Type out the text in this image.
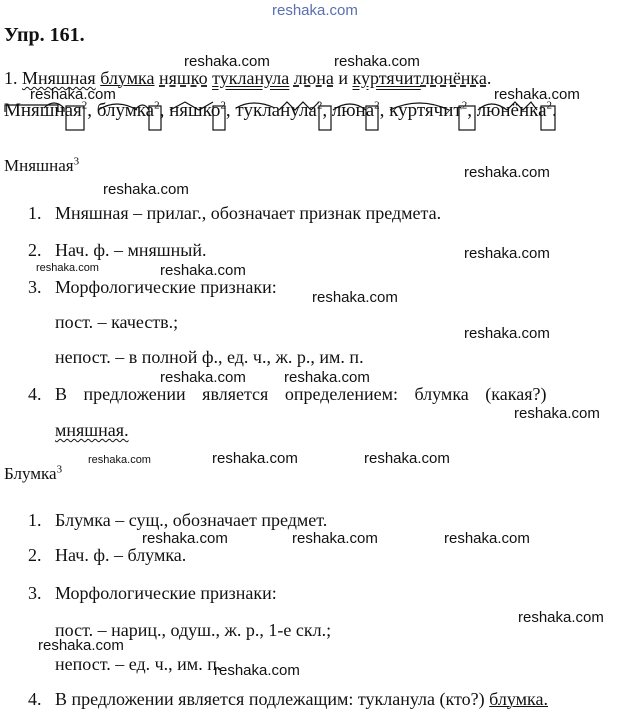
reshaka.com
Упр. 161.
1. Мняшная блумка няшко тукланула люна и куртячитлюнёнка.
Мняшная$^2$, блумка$^2$, няшко$^2$, тукланула$^2$, люна$^2$, куртячит$^2$, люнёнка$^2$.
Мняшная$^3$
1. Мняшная – прилаг., обозначает признак предмета.
2. Нач. ф. – мняшный.
3. Морфологические признаки:
пост. – качеств.;
непост. – в полной ф., ед. ч., ж. р., им. п.
4. В предложении является определением: блумка (какая?)
мняшная.
Блумка$^3$
1. Блумка – сущ., обозначает предмет.
2. Нач. ф. – блумка.
3. Морфологические признаки:
пост. – нариц., одуш., ж. р., 1-е скл.;
непост. – ед. ч., им. п.
4. В предложении является подлежащим: тукланула (кто?) блумка.
reshaka.com	reshaka.com
reshaka.com	reshaka.com
reshaka.com
reshaka.com
reshaka.com
reshaka.com	reshaka.com
reshaka.com
reshaka.com
reshaka.com	reshaka.com
reshaka.com
reshaka.com	reshaka.com	reshaka.com
reshaka.com	reshaka.com	reshaka.com
reshaka.com
reshaka.com
reshaka.com
